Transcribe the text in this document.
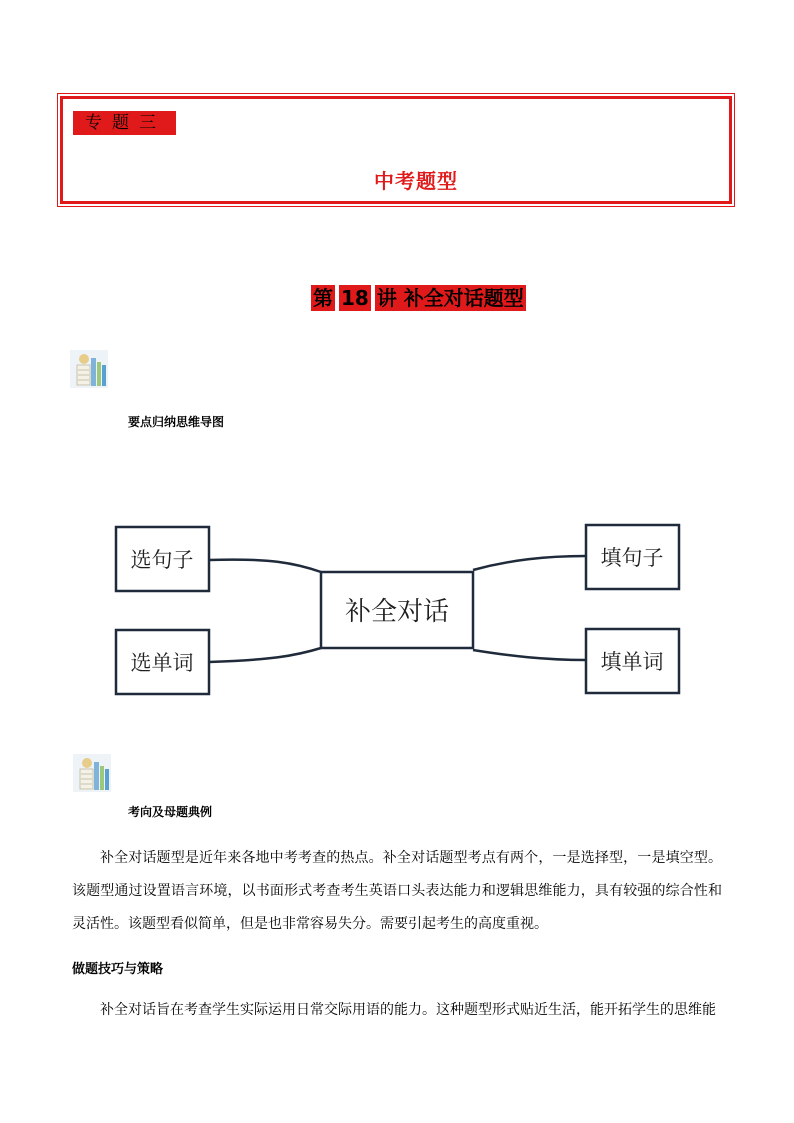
专题三
中考题型
第 18 讲 补全对话题型
要点归纳思维导图
选句子
选单词
补全对话
填句子
填单词
考向及母题典例
补全对话题型是近年来各地中考考查的热点。补全对话题型考点有两个，一是选择型，一是填空型。该题型通过设置语言环境，以书面形式考查考生英语口头表达能力和逻辑思维能力，具有较强的综合性和灵活性。该题型看似简单，但是也非常容易失分。需要引起考生的高度重视。
做题技巧与策略
补全对话旨在考查学生实际运用日常交际用语的能力。这种题型形式贴近生活，能开拓学生的思维能
